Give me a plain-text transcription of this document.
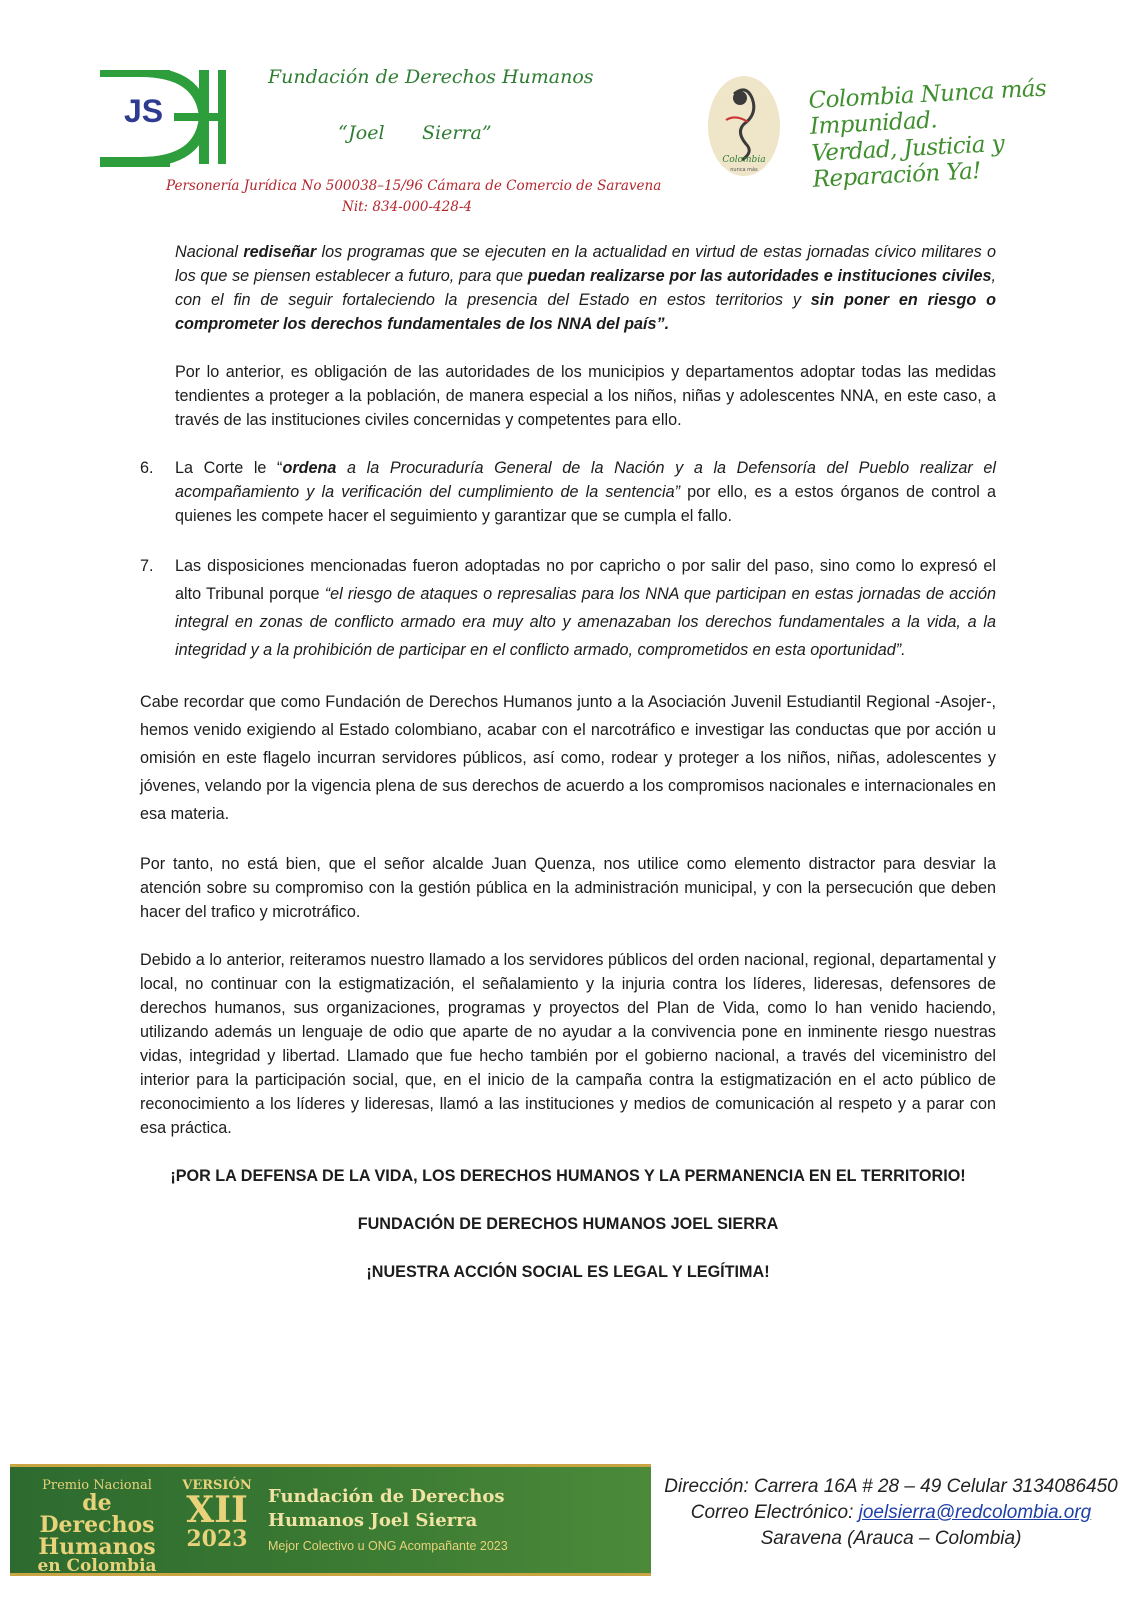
JS
Fundación de Derechos Humanos
“Joel Sierra”
Personería Jurídica No 500038–15/96 Cámara de Comercio de Saravena
Nit: 834-000-428-4
Colombia
nunca más
Colombia Nunca más Impunidad.
Verdad, Justicia y Reparación Ya!

Nacional rediseñar los programas que se ejecuten en la actualidad en virtud de estas jornadas cívico militares o los que se piensen establecer a futuro, para que puedan realizarse por las autoridades e instituciones civiles, con el fin de seguir fortaleciendo la presencia del Estado en estos territorios y sin poner en riesgo o comprometer los derechos fundamentales de los NNA del país”.

Por lo anterior, es obligación de las autoridades de los municipios y departamentos adoptar todas las medidas tendientes a proteger a la población, de manera especial a los niños, niñas y adolescentes NNA, en este caso, a través de las instituciones civiles concernidas y competentes para ello.

6.	La Corte le “ordena a la Procuraduría General de la Nación y a la Defensoría del Pueblo realizar el acompañamiento y la verificación del cumplimiento de la sentencia” por ello, es a estos órganos de control a quienes les compete hacer el seguimiento y garantizar que se cumpla el fallo.

7.	Las disposiciones mencionadas fueron adoptadas no por capricho o por salir del paso, sino como lo expresó el alto Tribunal porque “el riesgo de ataques o represalias para los NNA que participan en estas jornadas de acción integral en zonas de conflicto armado era muy alto y amenazaban los derechos fundamentales a la vida, a la integridad y a la prohibición de participar en el conflicto armado, comprometidos en esta oportunidad”.

Cabe recordar que como Fundación de Derechos Humanos junto a la Asociación Juvenil Estudiantil Regional -Asojer-, hemos venido exigiendo al Estado colombiano, acabar con el narcotráfico e investigar las conductas que por acción u omisión en este flagelo incurran servidores públicos, así como, rodear y proteger a los niños, niñas, adolescentes y jóvenes, velando por la vigencia plena de sus derechos de acuerdo a los compromisos nacionales e internacionales en esa materia.

Por tanto, no está bien, que el señor alcalde Juan Quenza, nos utilice como elemento distractor para desviar la atención sobre su compromiso con la gestión pública en la administración municipal, y con la persecución que deben hacer del trafico y microtráfico.

Debido a lo anterior, reiteramos nuestro llamado a los servidores públicos del orden nacional, regional, departamental y local, no continuar con la estigmatización, el señalamiento y la injuria contra los líderes, lideresas, defensores de derechos humanos, sus organizaciones, programas y proyectos del Plan de Vida, como lo han venido haciendo, utilizando además un lenguaje de odio que aparte de no ayudar a la convivencia pone en inminente riesgo nuestras vidas, integridad y libertad. Llamado que fue hecho también por el gobierno nacional, a través del viceministro del interior para la participación social, que, en el inicio de la campaña contra la estigmatización en el acto público de reconocimiento a los líderes y lideresas, llamó a las instituciones y medios de comunicación al respeto y a parar con esa práctica.

¡POR LA DEFENSA DE LA VIDA, LOS DERECHOS HUMANOS Y LA PERMANENCIA EN EL TERRITORIO!

FUNDACIÓN DE DERECHOS HUMANOS JOEL SIERRA

¡NUESTRA ACCIÓN SOCIAL ES LEGAL Y LEGÍTIMA!

Premio Nacional
de Derechos
Humanos
en Colombia
VERSIÓN
XII
2023
Fundación de Derechos
Humanos Joel Sierra
Mejor Colectivo u ONG Acompañante 2023
Dirección: Carrera 16A # 28 – 49 Celular 3134086450
Correo Electrónico: joelsierra@redcolombia.org
Saravena (Arauca – Colombia)
